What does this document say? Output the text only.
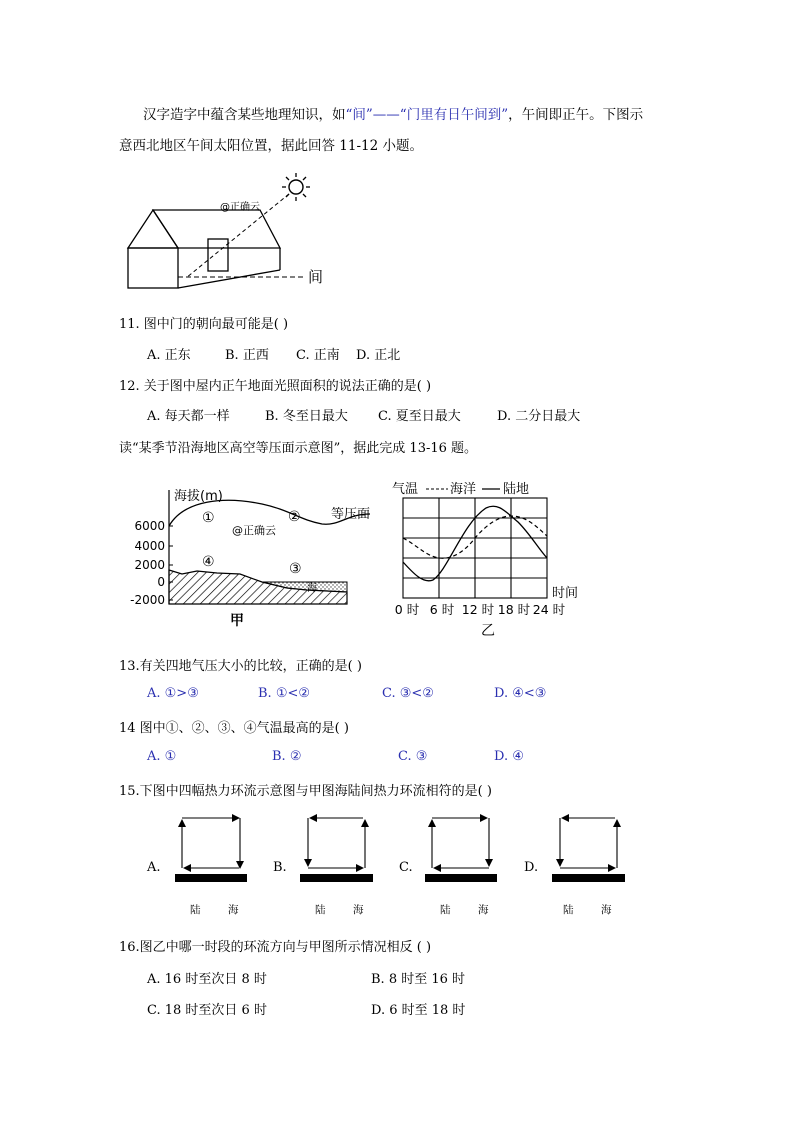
汉字造字中蕴含某些地理知识，如“间”——“门里有日午间到”，午间即正午。下图示
意西北地区午间太阳位置，据此回答 11-12 小题。
@正确云
间
11. 图中门的朝向最可能是( )
A. 正东	B. 正西 C. 正南 D. 正北
12. 关于图中屋内正午地面光照面积的说法正确的是( )
A. 每天都一样	B. 冬至日最大 C. 夏至日最大	D. 二分日最大
读“某季节沿海地区高空等压面示意图”，据此完成 13-16 题。
海拔(m)
6000
4000
2000
0
-2000
等压面
海
①	②
③
④
@正确云
甲
气温 海洋 陆地
时间
0 时 6 时 12 时 18 时 24 时
乙
13.有关四地气压大小的比较，正确的是( )
A. ①>③	B. ①<②	C. ③<②	D. ④<③
14 图中①、②、③、④气温最高的是( )
A. ①	B. ②	C. ③	D. ④
15.下图中四幅热力环流示意图与甲图海陆间热力环流相符的是( )
A.	B.	C.	D.
陆	海	陆	海	陆	海	陆	海
16.图乙中哪一时段的环流方向与甲图所示情况相反 ( )
A. 16 时至次日 8 时	B. 8 时至 16 时
C. 18 时至次日 6 时	D. 6 时至 18 时
